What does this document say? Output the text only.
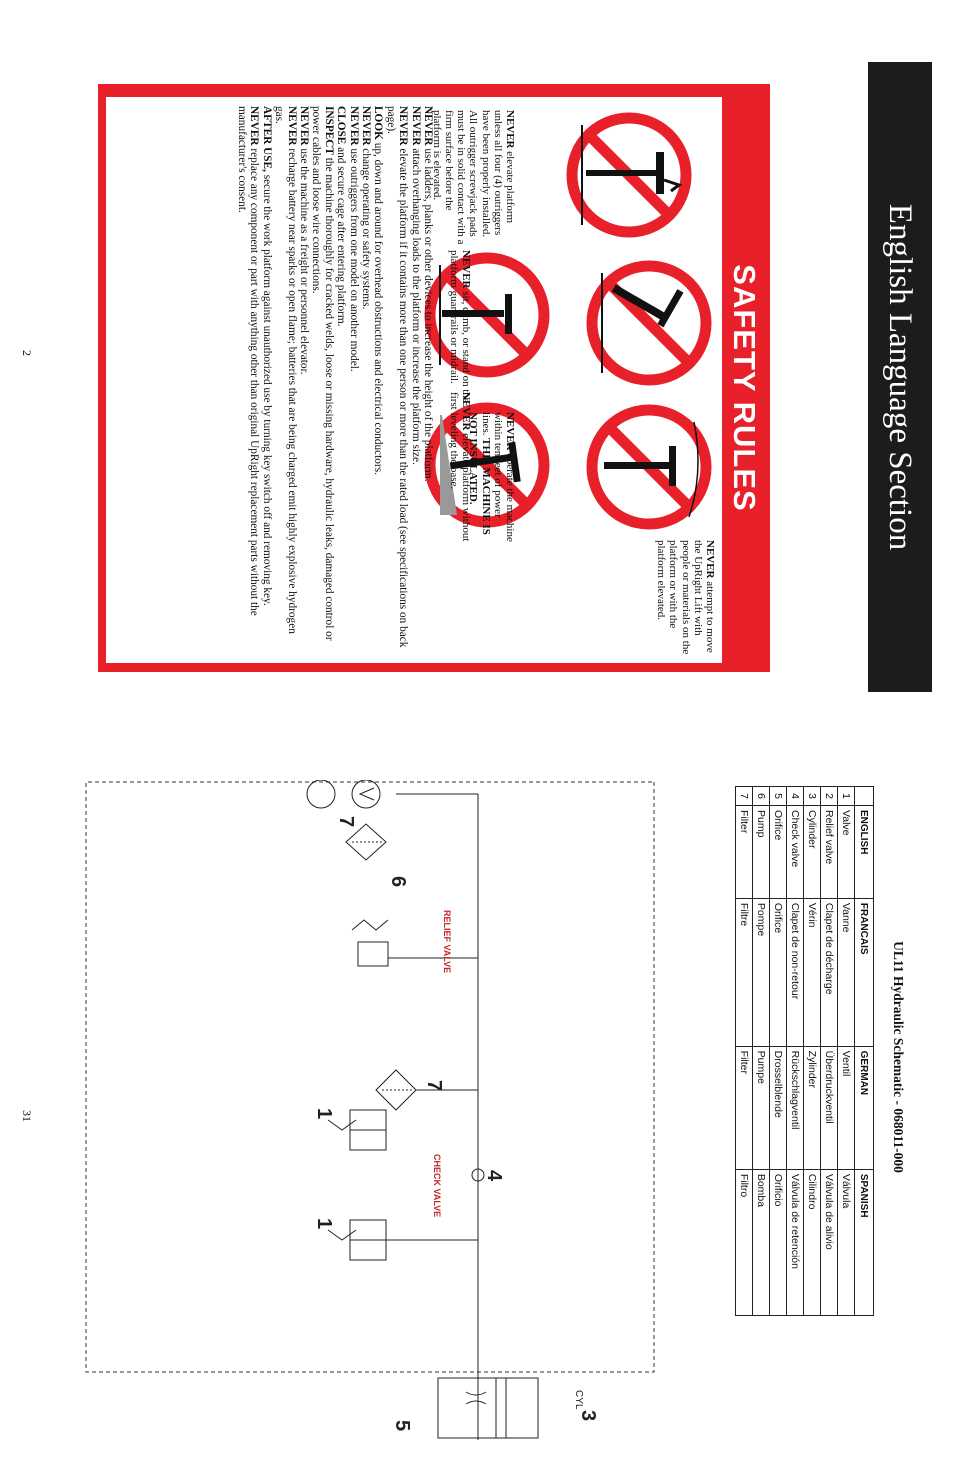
English Language Section
SAFETY RULES
NEVER elevate platform unless all four (4) outriggers have been properly installed. All outrigger screwjack pads must be in solid contact with a firm surface before the platform is elevated.
NEVER attempt to move the UpRight Lift with people or materials on the platform or with the platform elevated.
NEVER operate the machine within ten feet of power lines. THIS MACHINE IS NOT INSULATED.
NEVER sit, climb, or stand on the platform guardrails or midrail.
NEVER elevate platform without first leveling the base.

NEVER use ladders, planks or other devices to increase the height of the platform.

NEVER attach overhanging loads to the platform or increase the platform size.

NEVER elevate the platform if it contains more than one person or more than the rated load (see specifications on back page).

LOOK up, down and around for overhead obstructions and electrical conductors.

NEVER change operating or safety systems.

NEVER use outriggers from one model on another model.

CLOSE and secure cage after entering platform.

INSPECT the machine thoroughly for cracked welds, loose or missing hardware, hydraulic leaks, damaged control or power cables and loose wire connections.

NEVER use the machine as a freight or personnel elevator.

NEVER recharge battery near sparks or open flame; batteries that are being charged emit highly explosive hydrogen gas.

AFTER USE, secure the work platform against unauthorized use by turning key switch off and removing key.

NEVER replace any component or part with anything other than original UpRight replacement parts without the manufacturer's consent.

2
UL11 Hydraulic Schematic - 068011-000
	ENGLISH	FRANCAIS	GERMAN	SPANISH
1	Valve	Vanne	Ventil	Válvula
2	Relief valve	Clapet de décharge	Überdruckventil	Válvula de alivio
3	Cylinder	Vérin	Zylinder	Cilindro
4	Check valve	Clapet de non-retour	Rückschlagventil	Válvula de retención
5	Orifice	Orifice	Drosselblende	Orificio
6	Pump	Pompe	Pumpe	Bomba
7	Filter	Filtre	Filter	Filtro
RELIEF VALVE
CHECK VALVE
CYL
6
7
7
1
1
4
3
5
31
